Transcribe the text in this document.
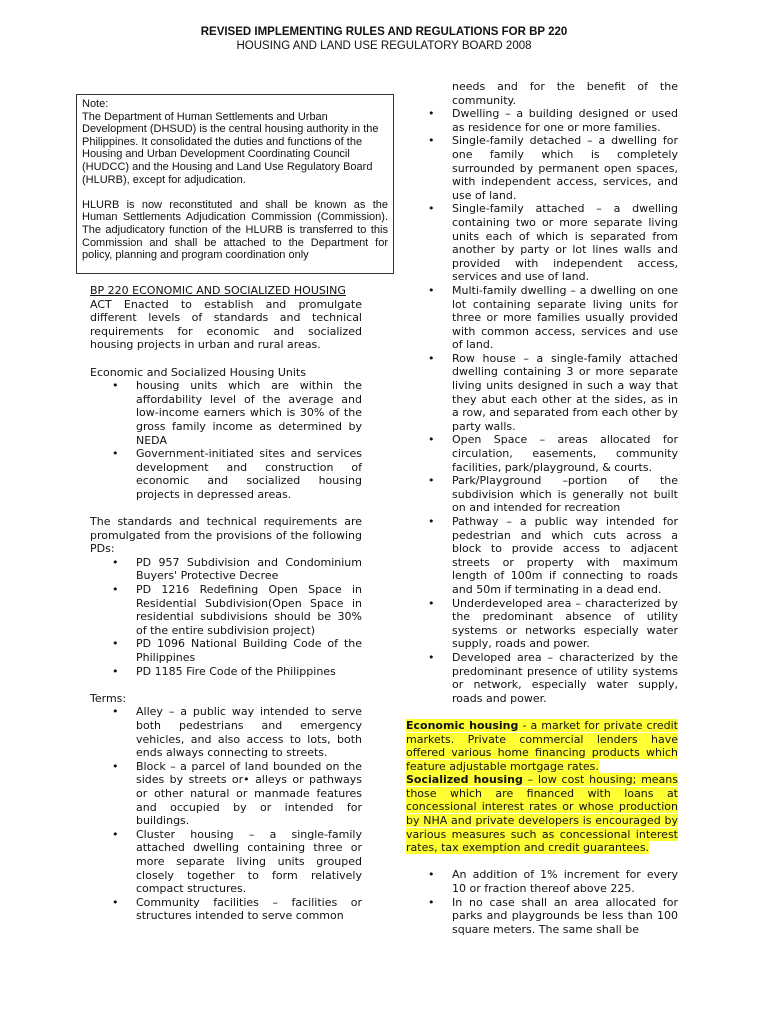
REVISED IMPLEMENTING RULES AND REGULATIONS FOR BP 220
HOUSING AND LAND USE REGULATORY BOARD 2008

Note:

The Department of Human Settlements and Urban Development (DHSUD) is the central housing authority in the Philippines. It consolidated the duties and functions of the Housing and Urban Development Coordinating Council (HUDCC) and the Housing and Land Use Regulatory Board (HLURB), except for adjudication.

HLURB is now reconstituted and shall be known as the Human Settlements Adjudication Commission (Commission). The adjudicatory function of the HLURB is transferred to this Commission and shall be attached to the Department for policy, planning and program coordination only

BP 220 ECONOMIC AND SOCIALIZED HOUSING

ACT Enacted to establish and promulgate different levels of standards and technical requirements for economic and socialized housing projects in urban and rural areas.

Economic and Socialized Housing Units

• housing units which are within the affordability level of the average and low-income earners which is 30% of the gross family income as determined by NEDA
• Government-initiated sites and services development and construction of economic and socialized housing projects in depressed areas.

The standards and technical requirements are promulgated from the provisions of the following PDs:

• PD 957 Subdivision and Condominium Buyers' Protective Decree
• PD 1216 Redefining Open Space in Residential Subdivision(Open Space in residential subdivisions should be 30% of the entire subdivision project)
• PD 1096 National Building Code of the Philippines
• PD 1185 Fire Code of the Philippines

Terms:

• Alley – a public way intended to serve both pedestrians and emergency vehicles, and also access to lots, both ends always connecting to streets.
• Block – a parcel of land bounded on the sides by streets or• alleys or pathways or other natural or manmade features and occupied by or intended for buildings.
• Cluster housing – a single-family attached dwelling containing three or more separate living units grouped closely together to form relatively compact structures.
• Community facilities – facilities or structures intended to serve common

needs and for the benefit of the community.

• Dwelling – a building designed or used as residence for one or more families.
• Single-family detached – a dwelling for one family which is completely surrounded by permanent open spaces, with independent access, services, and use of land.
• Single-family attached – a dwelling containing two or more separate living units each of which is separated from another by party or lot lines walls and provided with independent access, services and use of land.
• Multi-family dwelling – a dwelling on one lot containing separate living units for three or more families usually provided with common access, services and use of land.
• Row house – a single-family attached dwelling containing 3 or more separate living units designed in such a way that they abut each other at the sides, as in a row, and separated from each other by party walls.
• Open Space – areas allocated for circulation, easements, community facilities, park/playground, & courts.
• Park/Playground –portion of the subdivision which is generally not built on and intended for recreation
• Pathway – a public way intended for pedestrian and which cuts across a block to provide access to adjacent streets or property with maximum length of 100m if connecting to roads and 50m if terminating in a dead end.
• Underdeveloped area – characterized by the predominant absence of utility systems or networks especially water supply, roads and power.
• Developed area – characterized by the predominant presence of utility systems or network, especially water supply, roads and power.

Economic housing - a market for private credit markets. Private commercial lenders have offered various home financing products which feature adjustable mortgage rates.

Socialized housing – low cost housing; means those which are financed with loans at concessional interest rates or whose production by NHA and private developers is encouraged by various measures such as concessional interest rates, tax exemption and credit guarantees.

• An addition of 1% increment for every 10 or fraction thereof above 225.
• In no case shall an area allocated for parks and playgrounds be less than 100 square meters. The same shall be
